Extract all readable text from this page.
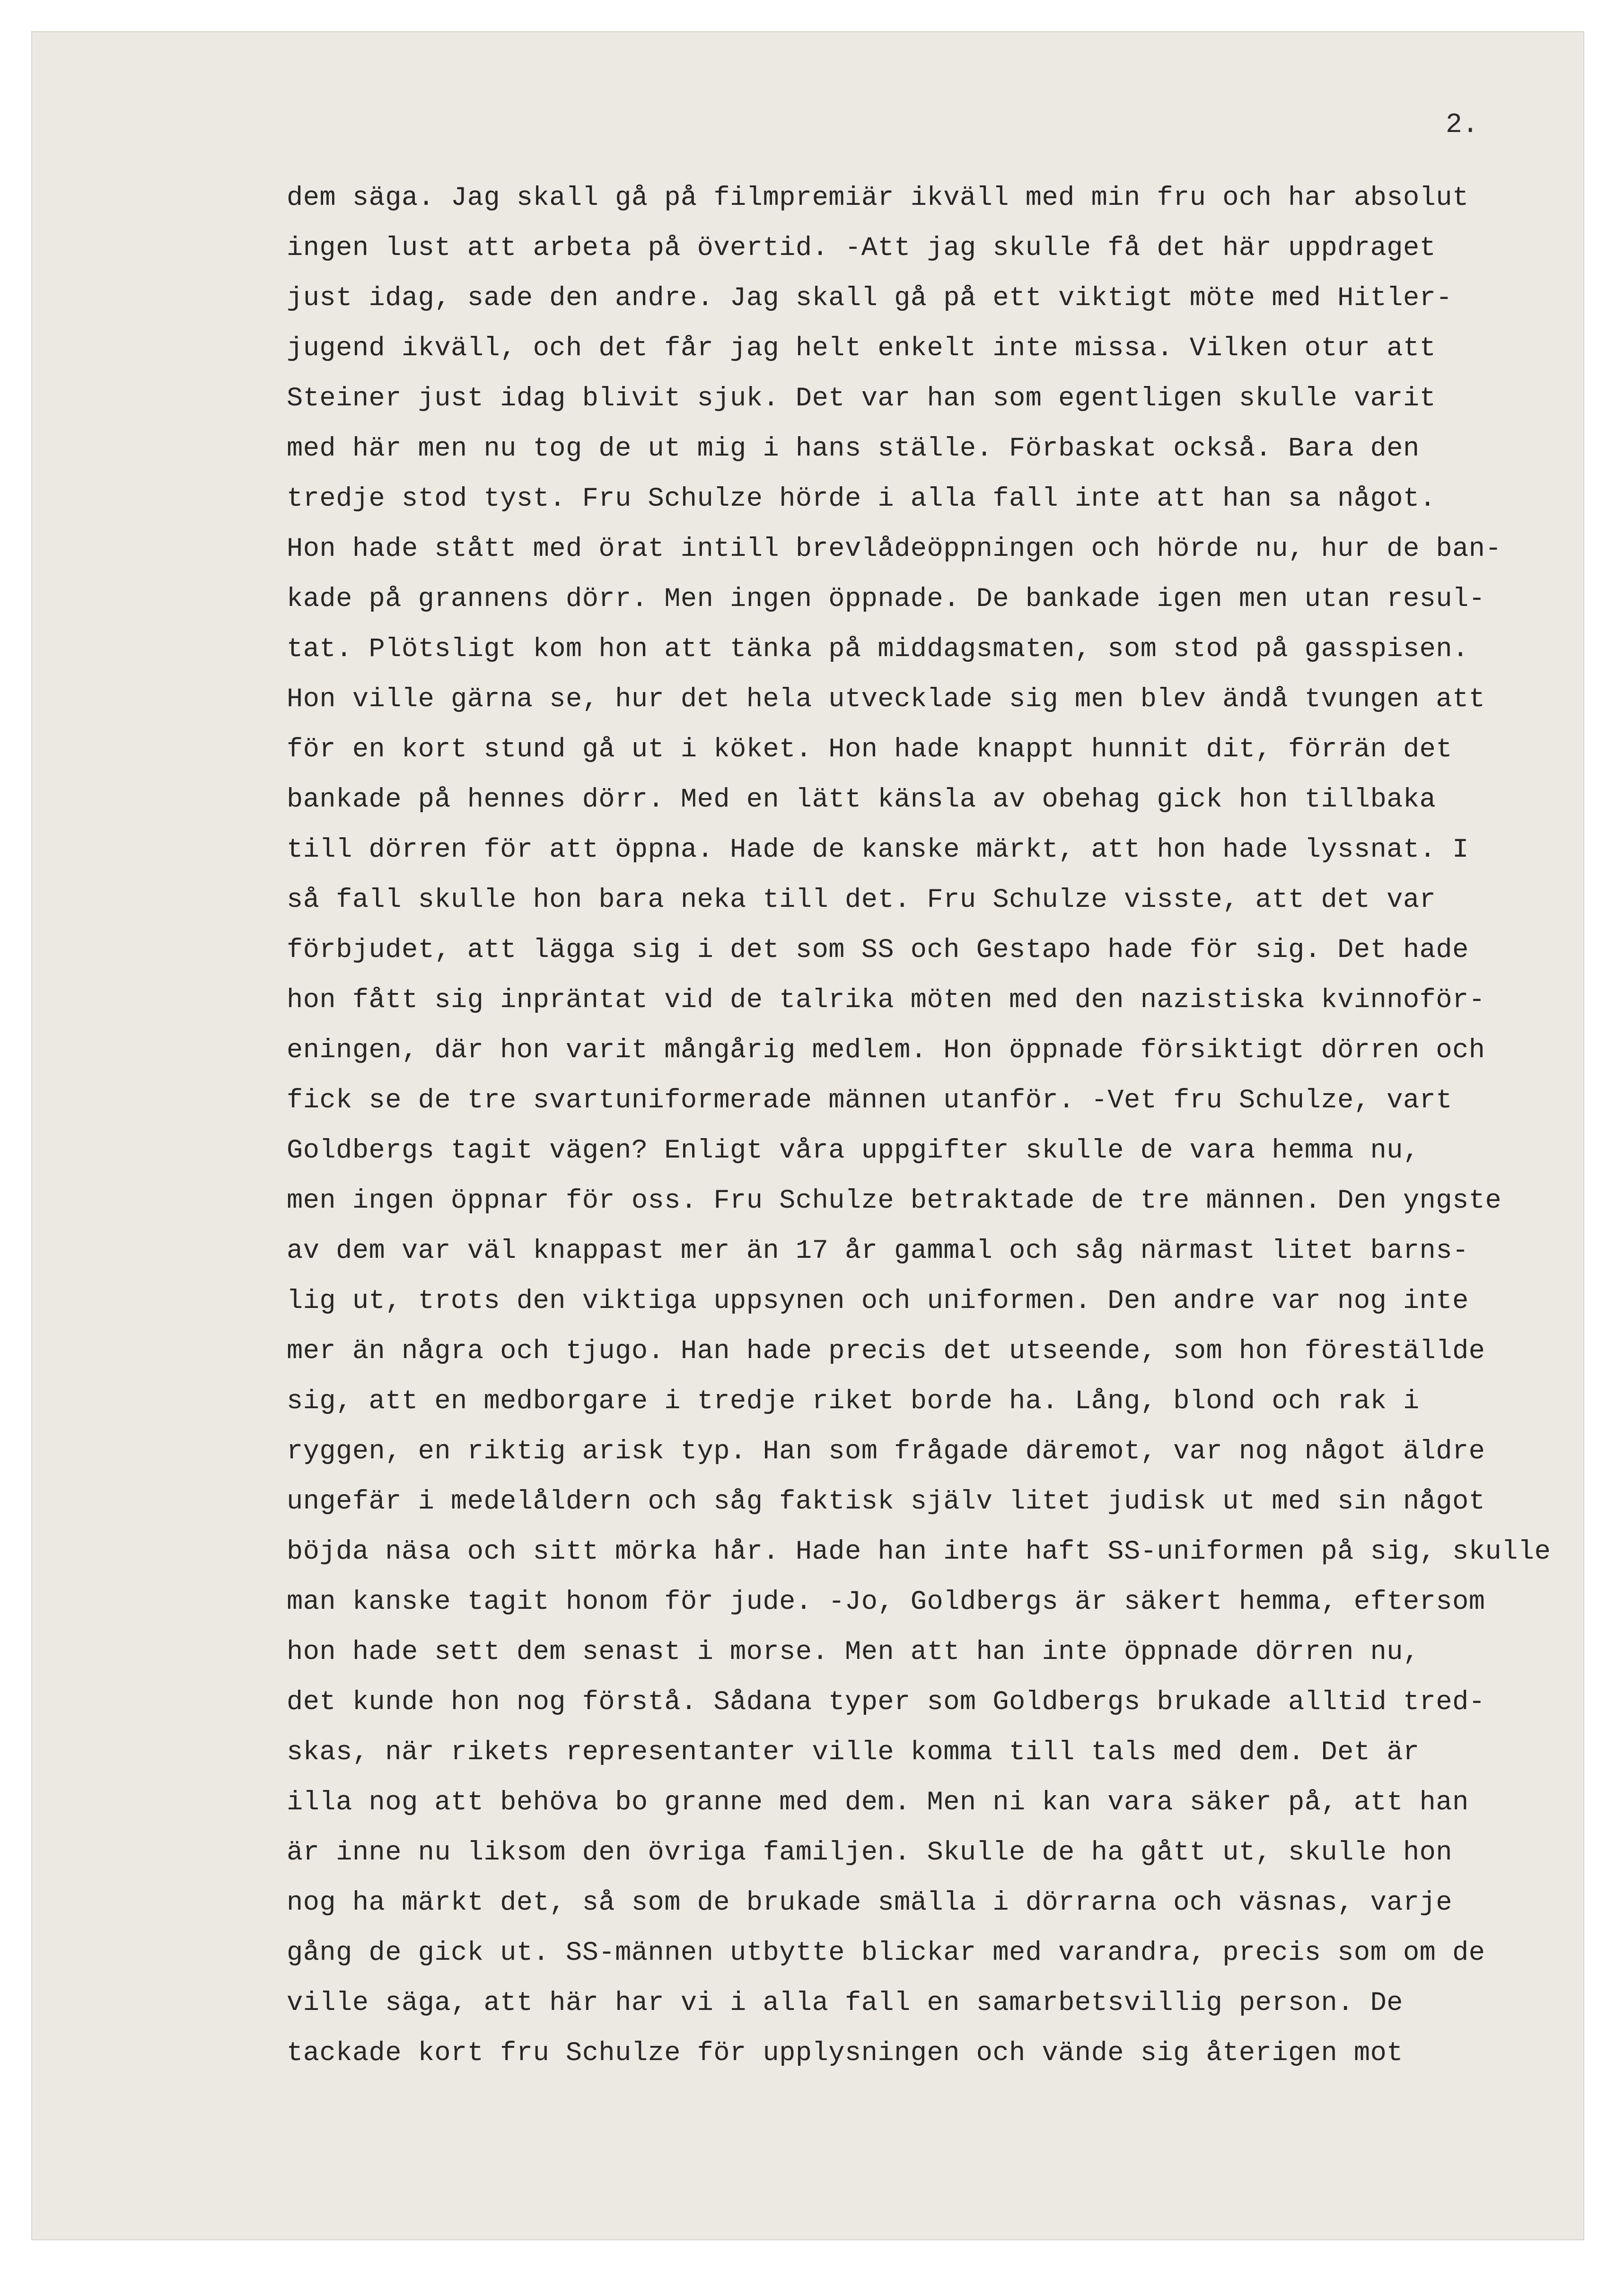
2.
dem säga. Jag skall gå på filmpremiär ikväll med min fru och har absolut
ingen lust att arbeta på övertid. -Att jag skulle få det här uppdraget
just idag, sade den andre. Jag skall gå på ett viktigt möte med Hitler-
jugend ikväll, och det får jag helt enkelt inte missa. Vilken otur att
Steiner just idag blivit sjuk. Det var han som egentligen skulle varit
med här men nu tog de ut mig i hans ställe. Förbaskat också. Bara den
tredje stod tyst. Fru Schulze hörde i alla fall inte att han sa något.
Hon hade stått med örat intill brevlådeöppningen och hörde nu, hur de ban-
kade på grannens dörr. Men ingen öppnade. De bankade igen men utan resul-
tat. Plötsligt kom hon att tänka på middagsmaten, som stod på gasspisen.
Hon ville gärna se, hur det hela utvecklade sig men blev ändå tvungen att
för en kort stund gå ut i köket. Hon hade knappt hunnit dit, förrän det
bankade på hennes dörr. Med en lätt känsla av obehag gick hon tillbaka
till dörren för att öppna. Hade de kanske märkt, att hon hade lyssnat. I
så fall skulle hon bara neka till det. Fru Schulze visste, att det var
förbjudet, att lägga sig i det som SS och Gestapo hade för sig. Det hade
hon fått sig inpräntat vid de talrika möten med den nazistiska kvinnoför-
eningen, där hon varit mångårig medlem. Hon öppnade försiktigt dörren och
fick se de tre svartuniformerade männen utanför. -Vet fru Schulze, vart
Goldbergs tagit vägen? Enligt våra uppgifter skulle de vara hemma nu,
men ingen öppnar för oss. Fru Schulze betraktade de tre männen. Den yngste
av dem var väl knappast mer än 17 år gammal och såg närmast litet barns-
lig ut, trots den viktiga uppsynen och uniformen. Den andre var nog inte
mer än några och tjugo. Han hade precis det utseende, som hon föreställde
sig, att en medborgare i tredje riket borde ha. Lång, blond och rak i
ryggen, en riktig arisk typ. Han som frågade däremot, var nog något äldre
ungefär i medelåldern och såg faktisk själv litet judisk ut med sin något
böjda näsa och sitt mörka hår. Hade han inte haft SS-uniformen på sig, skulle
man kanske tagit honom för jude. -Jo, Goldbergs är säkert hemma, eftersom
hon hade sett dem senast i morse. Men att han inte öppnade dörren nu,
det kunde hon nog förstå. Sådana typer som Goldbergs brukade alltid tred-
skas, när rikets representanter ville komma till tals med dem. Det är
illa nog att behöva bo granne med dem. Men ni kan vara säker på, att han
är inne nu liksom den övriga familjen. Skulle de ha gått ut, skulle hon
nog ha märkt det, så som de brukade smälla i dörrarna och väsnas, varje
gång de gick ut. SS-männen utbytte blickar med varandra, precis som om de
ville säga, att här har vi i alla fall en samarbetsvillig person. De
tackade kort fru Schulze för upplysningen och vände sig återigen mot
